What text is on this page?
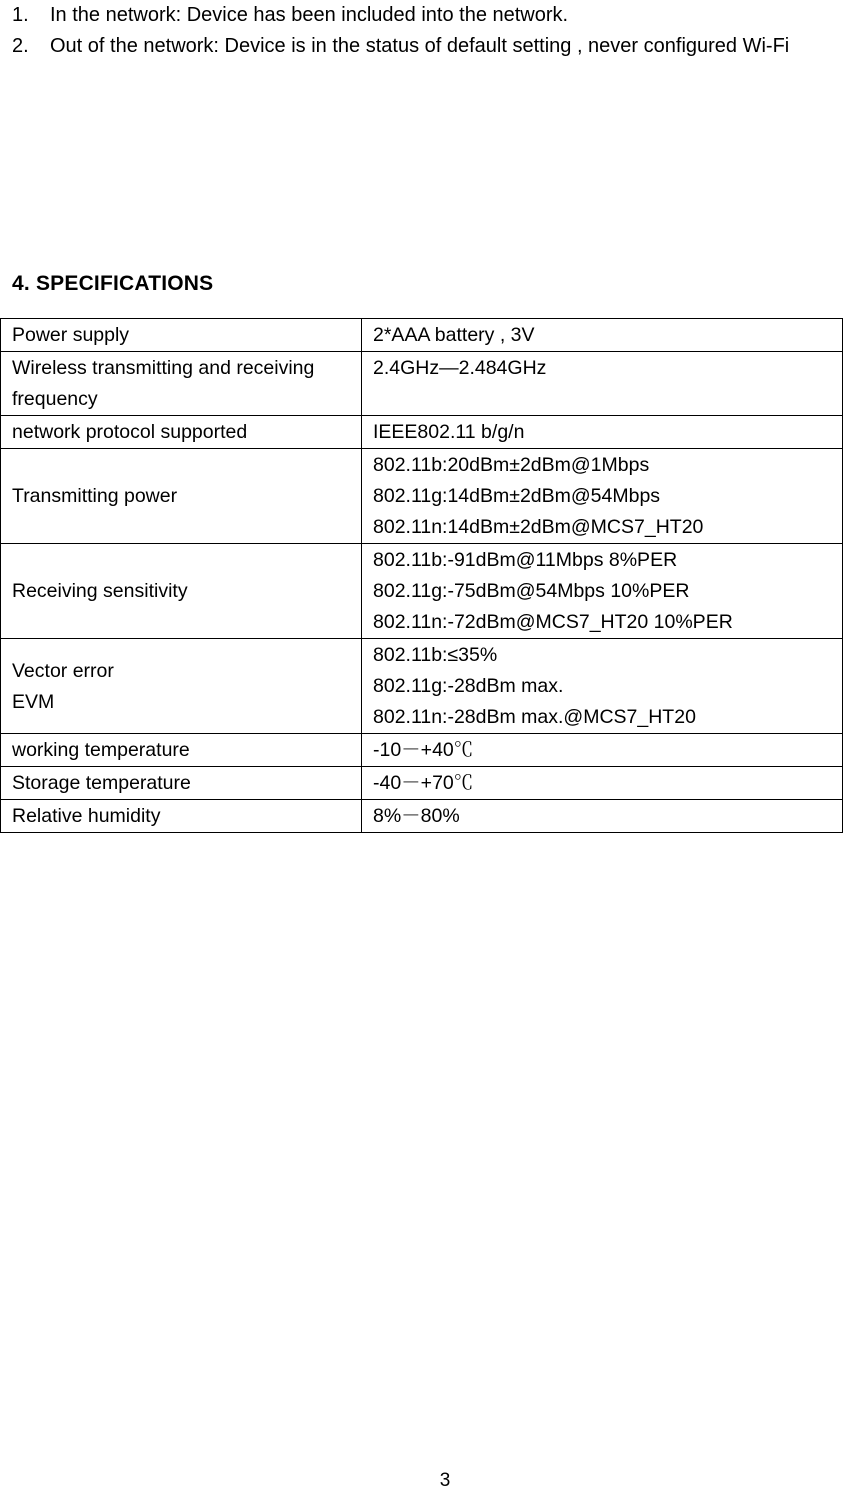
1. In the network: Device has been included into the network.
2. Out of the network: Device is in the status of default setting , never configured Wi-Fi
4. SPECIFICATIONS
Power supply	2*AAA battery , 3V

Wireless transmitting and receiving frequency	2.4GHz—2.484GHz

network protocol supported	IEEE802.11 b/g/n

Transmitting power	802.11b:20dBm±2dBm@1Mbps
802.11g:14dBm±2dBm@54Mbps
802.11n:14dBm±2dBm@MCS7_HT20

Receiving sensitivity	802.11b:-91dBm@11Mbps 8%PER
802.11g:-75dBm@54Mbps 10%PER
802.11n:-72dBm@MCS7_HT20 10%PER

Vector error
EVM	802.11b:≤35%
802.11g:-28dBm max.
802.11n:-28dBm max.@MCS7_HT20

working temperature	-10－+40℃

Storage temperature	-40－+70℃

Relative humidity	8%－80%
3
